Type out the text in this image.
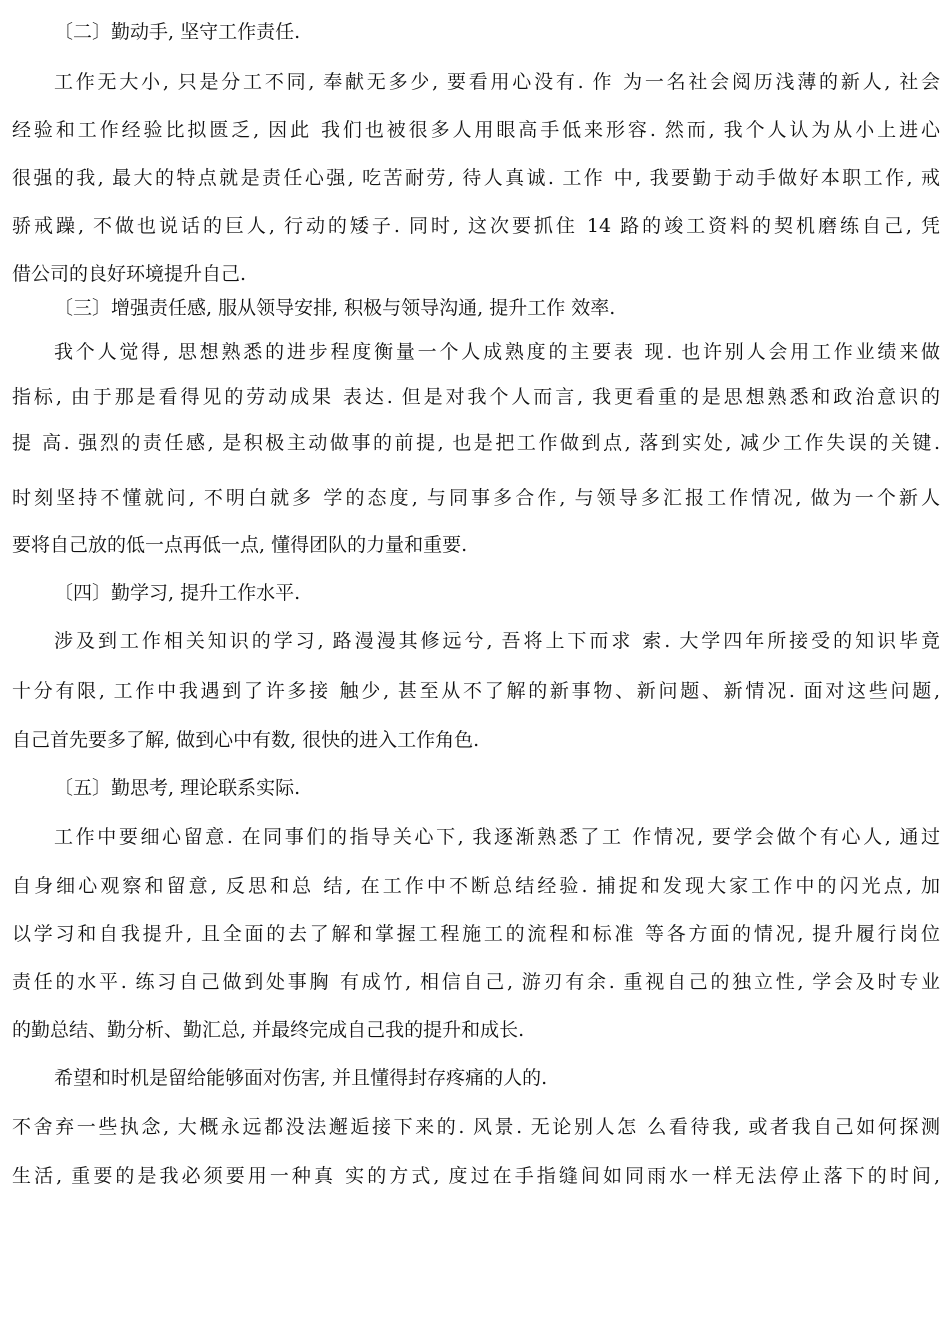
〔二〕勤动手, 坚守工作责任.
工作无大小, 只是分工不同, 奉献无多少, 要看用心没有. 作 为一名社会阅历浅薄的新人, 社会
经验和工作经验比拟匮乏, 因此 我们也被很多人用眼高手低来形容. 然而, 我个人认为从小上进心
很强的我, 最大的特点就是责任心强, 吃苦耐劳, 待人真诚. 工作 中, 我要勤于动手做好本职工作, 戒
骄戒躁, 不做也说话的巨人, 行动的矮子. 同时, 这次要抓住 14 路的竣工资料的契机磨练自己, 凭
借公司的良好环境提升自己.
〔三〕增强责任感, 服从领导安排, 积极与领导沟通, 提升工作 效率.
我个人觉得, 思想熟悉的进步程度衡量一个人成熟度的主要表 现. 也许别人会用工作业绩来做
指标, 由于那是看得见的劳动成果 表达. 但是对我个人而言, 我更看重的是思想熟悉和政治意识的
提 高. 强烈的责任感, 是积极主动做事的前提, 也是把工作做到点, 落到实处, 减少工作失误的关键.
时刻坚持不懂就问, 不明白就多 学的态度, 与同事多合作, 与领导多汇报工作情况, 做为一个新人
要将自己放的低一点再低一点, 懂得团队的力量和重要.
〔四〕勤学习, 提升工作水平.
涉及到工作相关知识的学习, 路漫漫其修远兮, 吾将上下而求 索. 大学四年所接受的知识毕竟
十分有限, 工作中我遇到了许多接 触少, 甚至从不了解的新事物、新问题、新情况. 面对这些问题,
自己首先要多了解, 做到心中有数, 很快的进入工作角色.
〔五〕勤思考, 理论联系实际.
工作中要细心留意. 在同事们的指导关心下, 我逐渐熟悉了工 作情况, 要学会做个有心人, 通过
自身细心观察和留意, 反思和总 结, 在工作中不断总结经验. 捕捉和发现大家工作中的闪光点, 加
以学习和自我提升, 且全面的去了解和掌握工程施工的流程和标准 等各方面的情况, 提升履行岗位
责任的水平. 练习自己做到处事胸 有成竹, 相信自己, 游刃有余. 重视自己的独立性, 学会及时专业
的勤总结、勤分析、勤汇总, 并最终完成自己我的提升和成长.
希望和时机是留给能够面对伤害, 并且懂得封存疼痛的人的.
不舍弃一些执念, 大概永远都没法邂逅接下来的. 风景. 无论别人怎 么看待我, 或者我自己如何探测
生活, 重要的是我必须要用一种真 实的方式, 度过在手指缝间如同雨水一样无法停止落下的时间,
